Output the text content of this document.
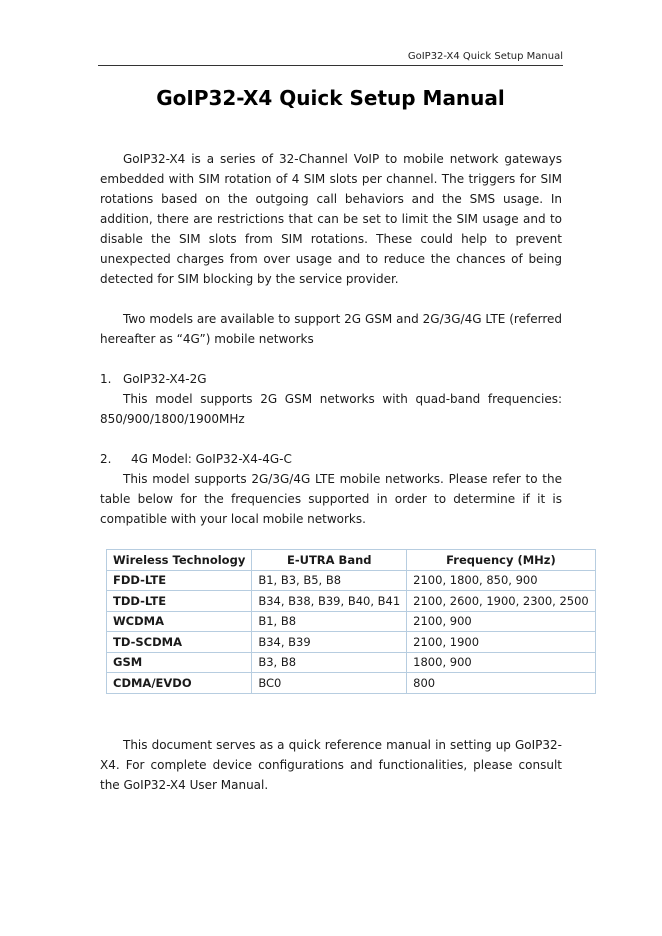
GoIP32-X4 Quick Setup Manual
GoIP32-X4 Quick Setup Manual

GoIP32-X4 is a series of 32-Channel VoIP to mobile network gateways embedded with SIM rotation of 4 SIM slots per channel. The triggers for SIM rotations based on the outgoing call behaviors and the SMS usage. In addition, there are restrictions that can be set to limit the SIM usage and to disable the SIM slots from SIM rotations. These could help to prevent unexpected charges from over usage and to reduce the chances of being detected for SIM blocking by the service provider.

Two models are available to support 2G GSM and 2G/3G/4G LTE (referred hereafter as “4G”) mobile networks

1. GoIP32-X4-2G

This model supports 2G GSM networks with quad-band frequencies: 850/900/1800/1900MHz

2. 4G Model: GoIP32-X4-4G-C

This model supports 2G/3G/4G LTE mobile networks. Please refer to the table below for the frequencies supported in order to determine if it is compatible with your local mobile networks.

Wireless Technology	E-UTRA Band	Frequency (MHz)
FDD-LTE	B1, B3, B5, B8	2100, 1800, 850, 900
TDD-LTE	B34, B38, B39, B40, B41	2100, 2600, 1900, 2300, 2500
WCDMA	B1, B8	2100, 900
TD-SCDMA	B34, B39	2100, 1900
GSM	B3, B8	1800, 900
CDMA/EVDO	BC0	800

This document serves as a quick reference manual in setting up GoIP32-X4. For complete device configurations and functionalities, please consult the GoIP32-X4 User Manual.
